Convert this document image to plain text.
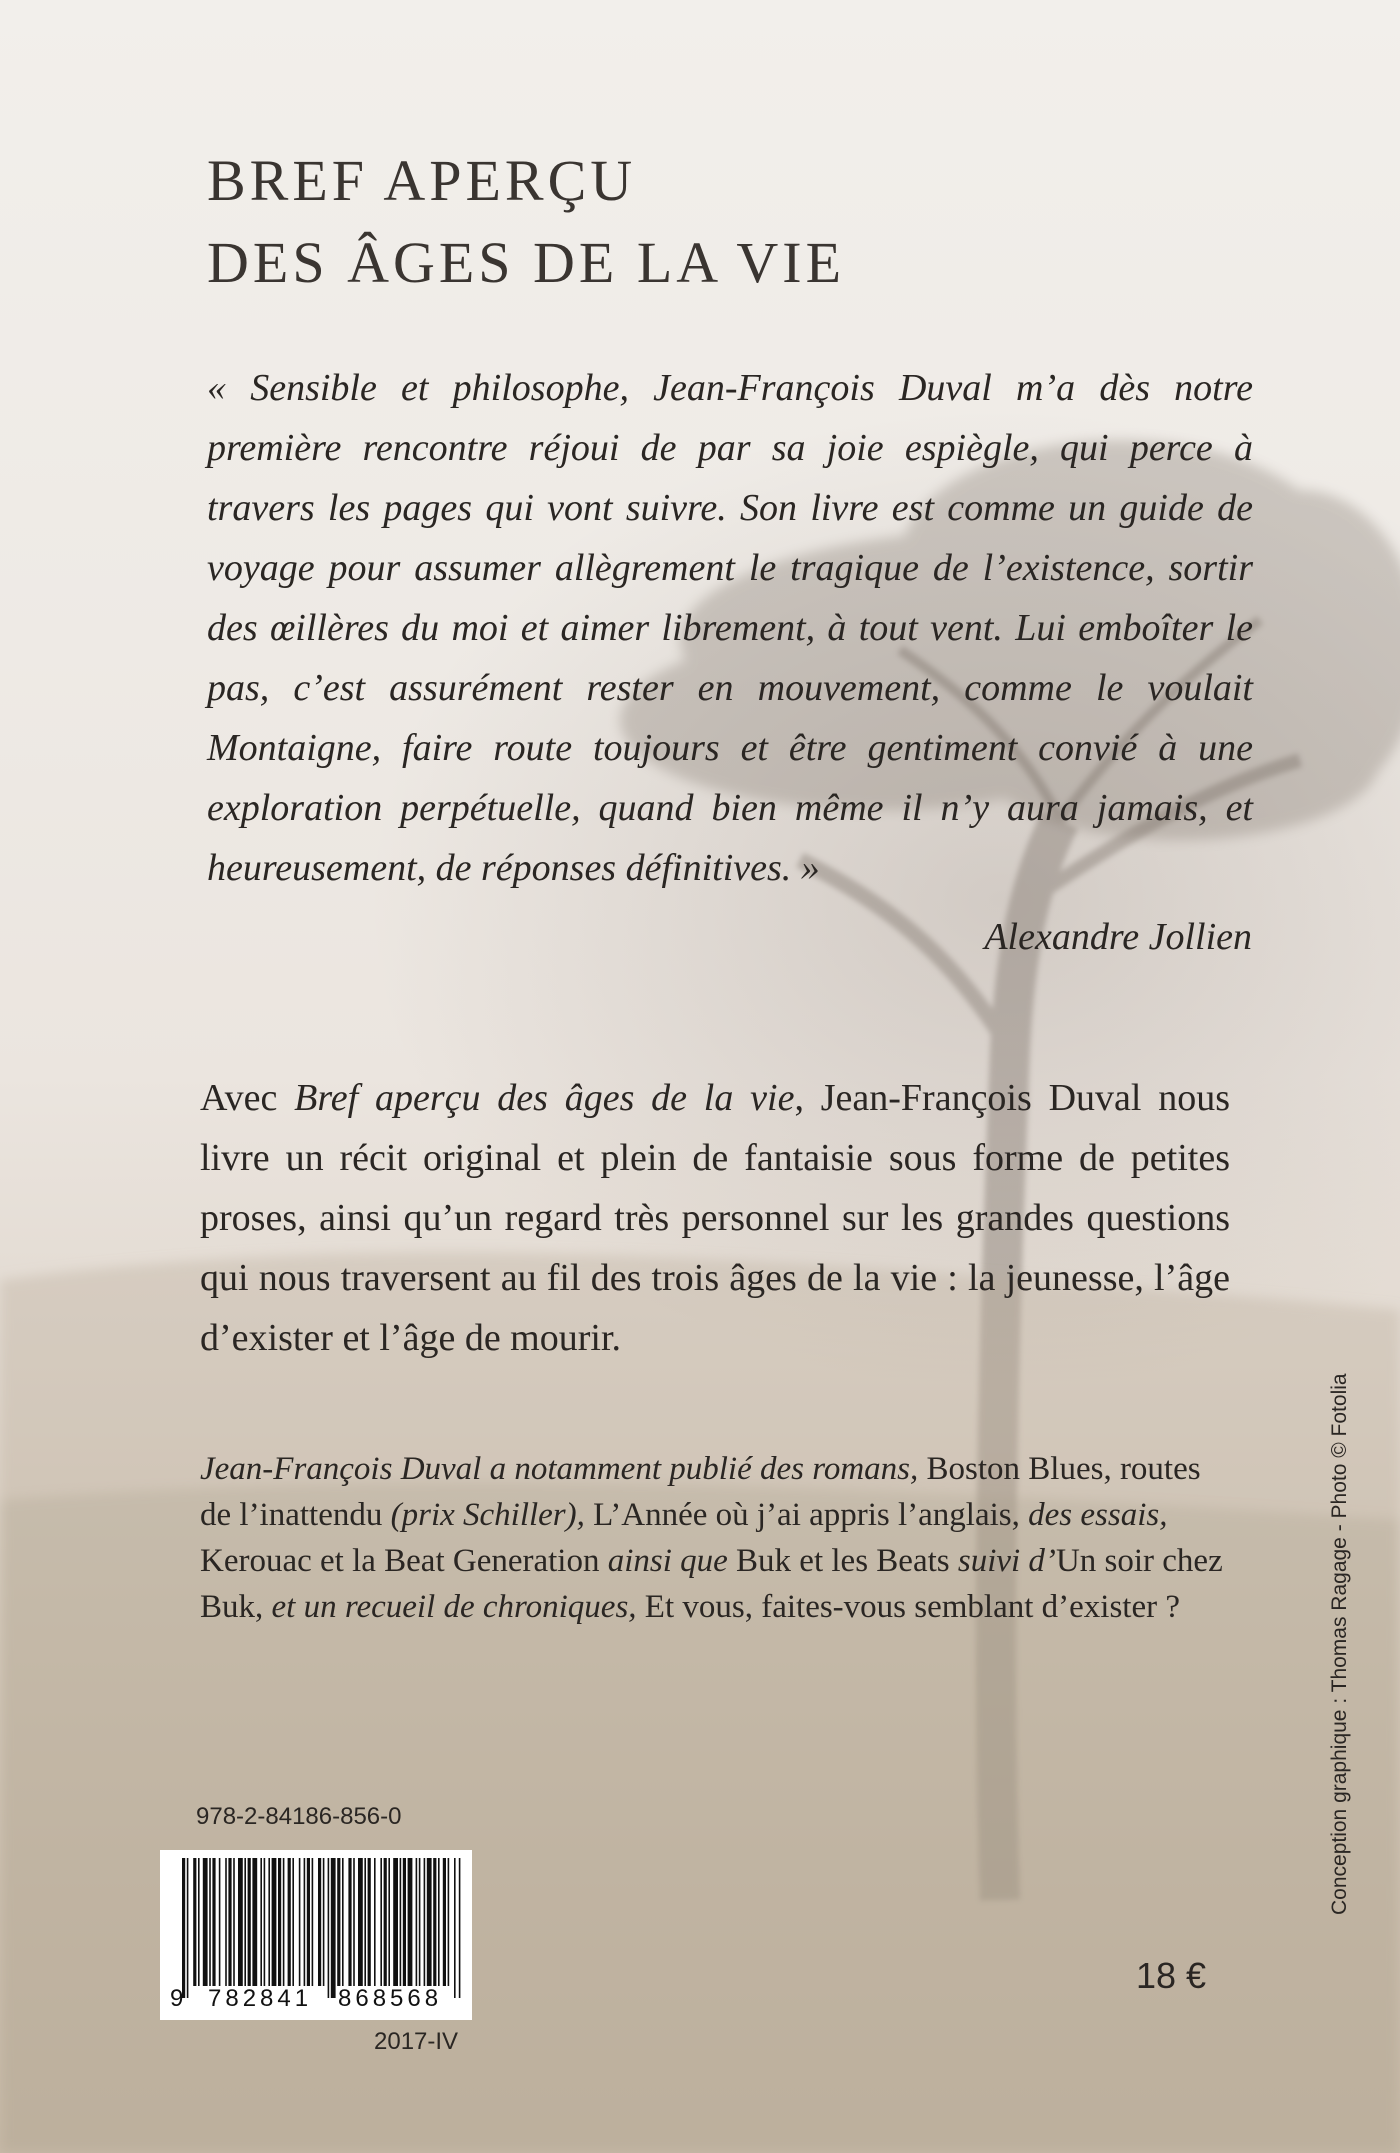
BREF APERÇU
DES ÂGES DE LA VIE

« Sensible et philosophe, Jean-François Duval m’a dès notre première rencontre réjoui de par sa joie espiègle, qui perce à travers les pages qui vont suivre. Son livre est comme un guide de voyage pour assumer allègrement le tragique de l’existence, sortir des œillères du moi et aimer librement, à tout vent. Lui emboîter le pas, c’est assurément rester en mouvement, comme le voulait Montaigne, faire route toujours et être gentiment convié à une exploration perpétuelle, quand bien même il n’y aura jamais, et heureusement, de réponses définitives. »

Alexandre Jollien

Avec Bref aperçu des âges de la vie, Jean-François Duval nous livre un récit original et plein de fantaisie sous forme de petites proses, ainsi qu’un regard très personnel sur les grandes questions qui nous traversent au fil des trois âges de la vie : la jeunesse, l’âge d’exister et l’âge de mourir.

Jean-François Duval a notamment publié des romans, Boston Blues, routes de l’inattendu (prix Schiller), L’Année où j’ai appris l’anglais, des essais, Kerouac et la Beat Generation ainsi que Buk et les Beats suivi d’Un soir chez Buk, et un recueil de chroniques, Et vous, faites-vous semblant d’exister ?

978-2-84186-856-0
9	782841	868568
2017-IV
18 €
Conception graphique : Thomas Ragage - Photo © Fotolia
